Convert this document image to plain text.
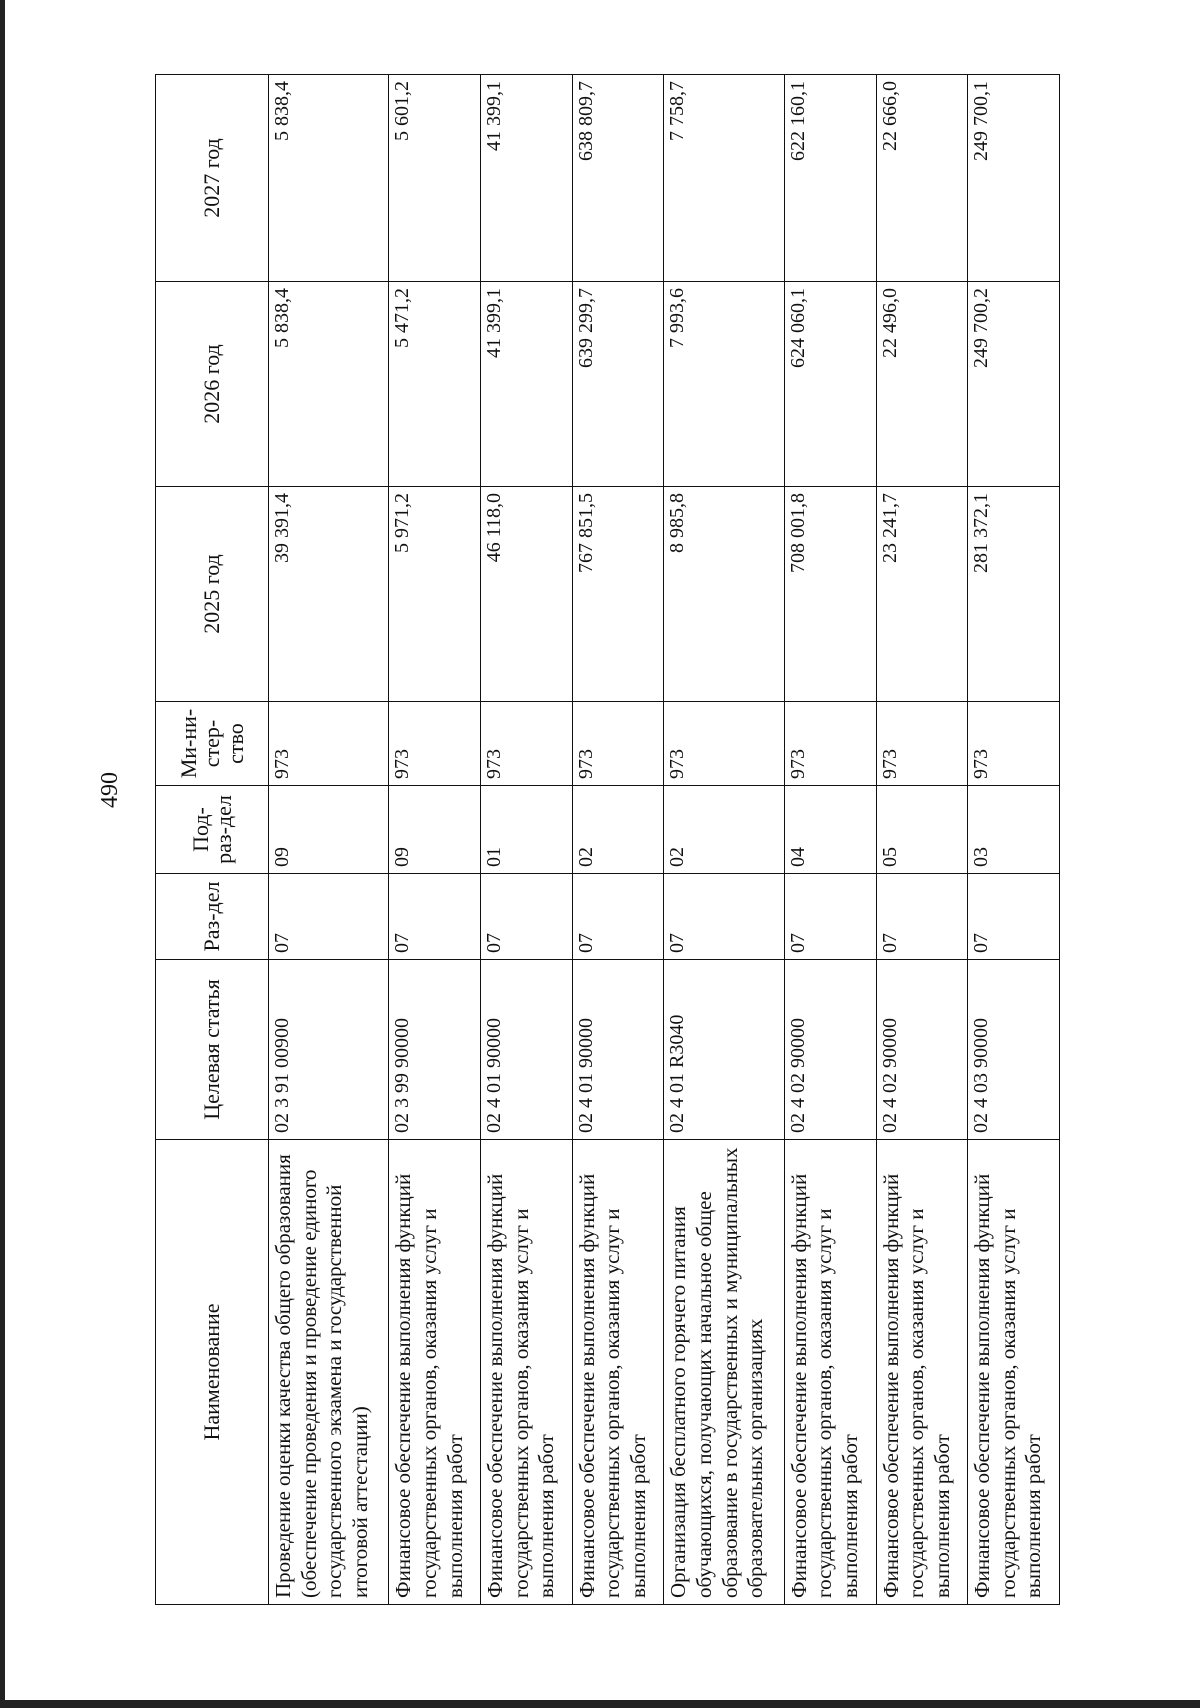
490
Наименование	Целевая статья	Раз-дел	Под-раз-дел	Ми-ни-стер-ство	2025 год	2026 год	2027 год
Проведение оценки качества общего образования (обеспечение проведения и проведение единого государственного экзамена и государственной итоговой аттестации)	02 3 91 00900	07	09	973	39 391,4	5 838,4	5 838,4
Финансовое обеспечение выполнения функций государственных органов, оказания услуг и выполнения работ	02 3 99 90000	07	09	973	5 971,2	5 471,2	5 601,2
Финансовое обеспечение выполнения функций государственных органов, оказания услуг и выполнения работ	02 4 01 90000	07	01	973	46 118,0	41 399,1	41 399,1
Финансовое обеспечение выполнения функций государственных органов, оказания услуг и выполнения работ	02 4 01 90000	07	02	973	767 851,5	639 299,7	638 809,7
Организация бесплатного горячего питания обучающихся, получающих начальное общее образование в государственных и муниципальных образовательных организациях	02 4 01 R3040	07	02	973	8 985,8	7 993,6	7 758,7
Финансовое обеспечение выполнения функций государственных органов, оказания услуг и выполнения работ	02 4 02 90000	07	04	973	708 001,8	624 060,1	622 160,1
Финансовое обеспечение выполнения функций государственных органов, оказания услуг и выполнения работ	02 4 02 90000	07	05	973	23 241,7	22 496,0	22 666,0
Финансовое обеспечение выполнения функций государственных органов, оказания услуг и выполнения работ	02 4 03 90000	07	03	973	281 372,1	249 700,2	249 700,1
